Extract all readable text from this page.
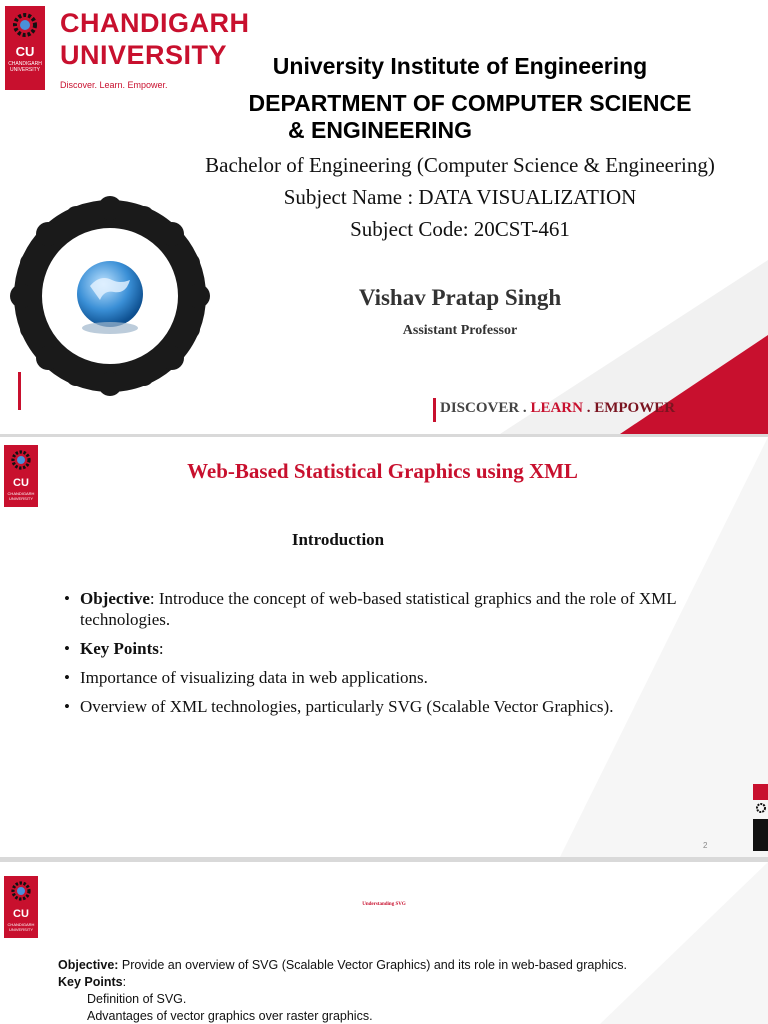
CU
CHANDIGARH UNIVERSITY
CHANDIGARH
UNIVERSITY
Discover. Learn. Empower.
University Institute of Engineering
DEPARTMENT OF COMPUTER SCIENCE
& ENGINEERING
Bachelor of Engineering (Computer Science & Engineering)
Subject Name : DATA VISUALIZATION
Subject Code: 20CST-461
Vishav Pratap Singh
Assistant Professor
DISCOVER . LEARN . EMPOWER
CU
CHANDIGARH UNIVERSITY
Web-Based Statistical Graphics using XML
Introduction
• Objective: Introduce the concept of web-based statistical graphics and the role of XML technologies.
• Key Points:
• Importance of visualizing data in web applications.
• Overview of XML technologies, particularly SVG (Scalable Vector Graphics).
2
CU
CHANDIGARH UNIVERSITY
Understanding SVG
Objective: Provide an overview of SVG (Scalable Vector Graphics) and its role in web-based graphics.
Key Points:
Definition of SVG.
Advantages of vector graphics over raster graphics.
